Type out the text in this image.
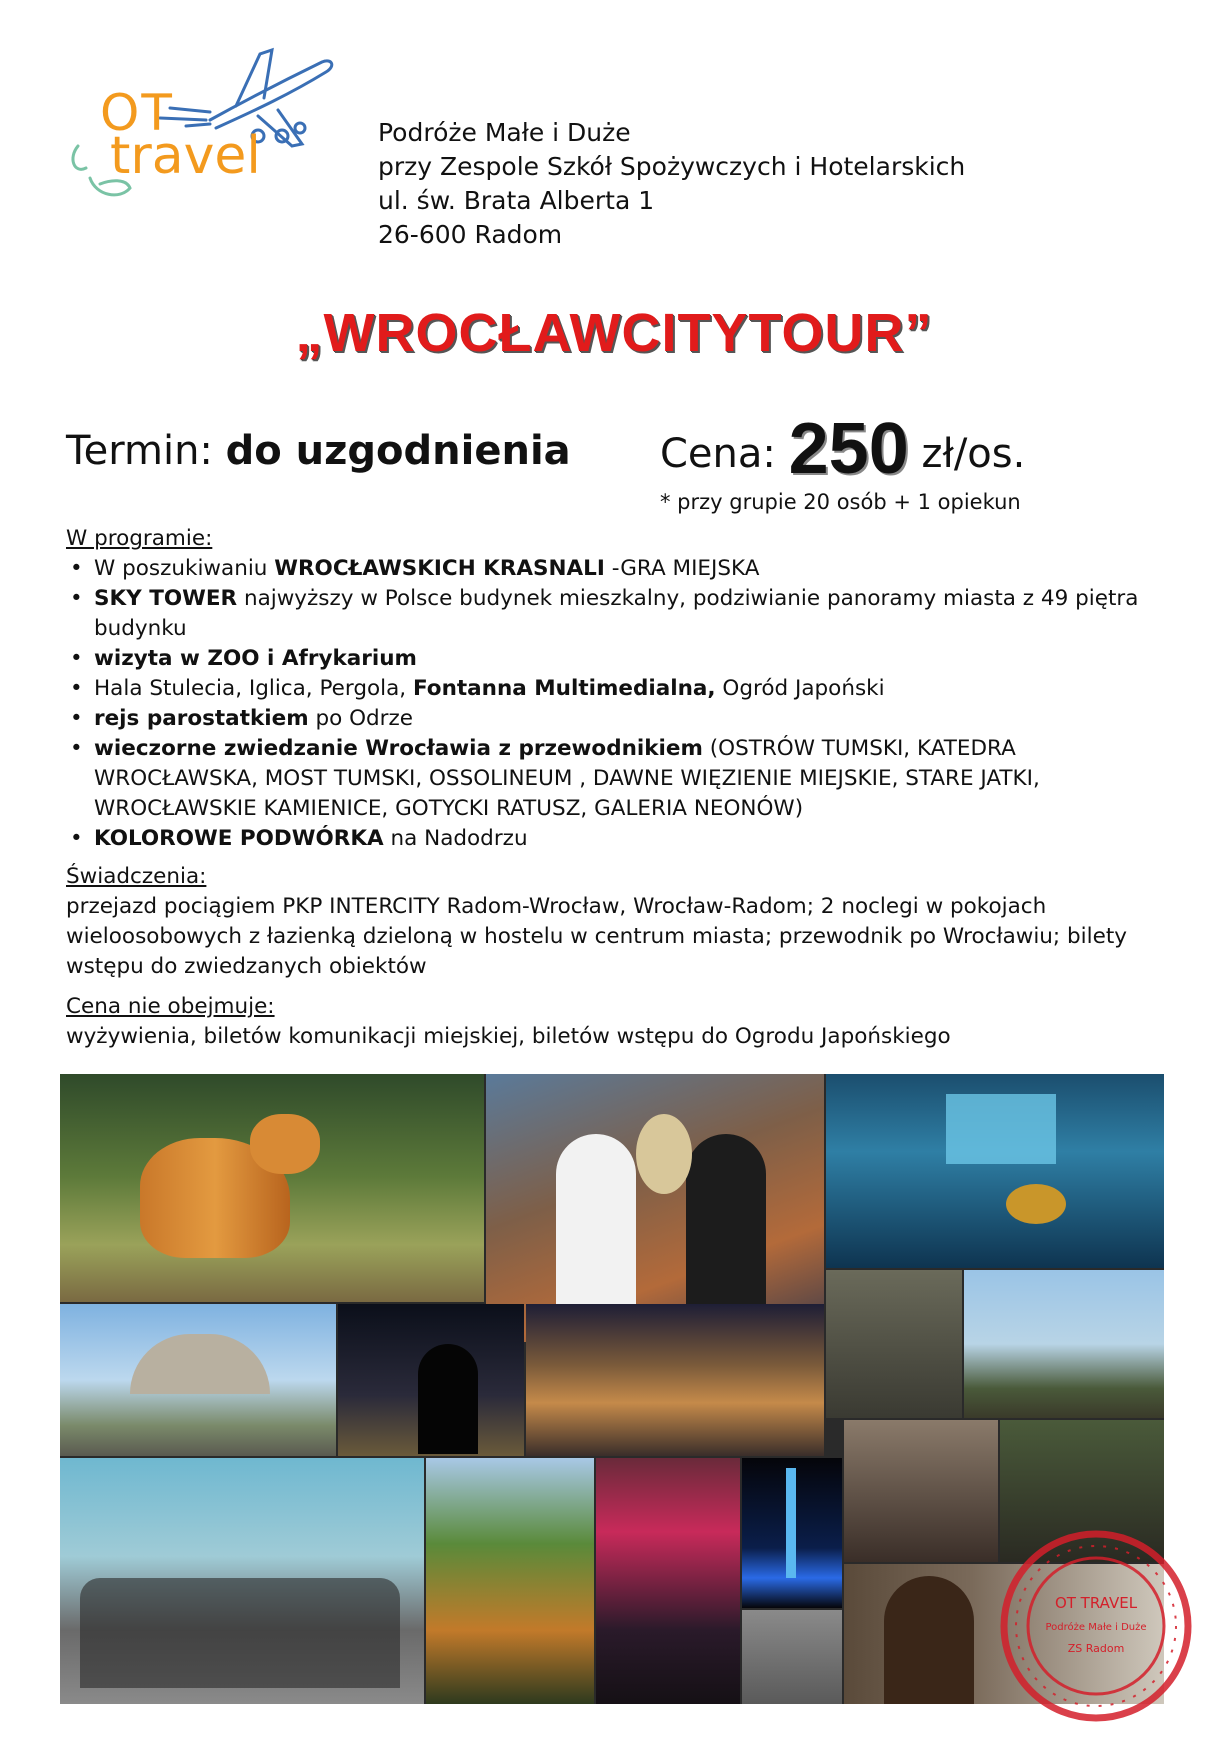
OT
travel	Podróże Małe i Duże
przy Zespole Szkół Spożywczych i Hotelarskich
ul. św. Brata Alberta 1
26-600 Radom
„WROCŁAWCITYTOUR”
Termin: do uzgodnienia Cena: 250 zł/os.
* przy grupie 20 osób + 1 opiekun
W programie:
• W poszukiwaniu WROCŁAWSKICH KRASNALI -GRA MIEJSKA
• SKY TOWER najwyższy w Polsce budynek mieszkalny, podziwianie panoramy miasta z 49 piętra budynku
• wizyta w ZOO i Afrykarium
• Hala Stulecia, Iglica, Pergola, Fontanna Multimedialna, Ogród Japoński
• rejs parostatkiem po Odrze
• wieczorne zwiedzanie Wrocławia z przewodnikiem (OSTRÓW TUMSKI, KATEDRA WROCŁAWSKA, MOST TUMSKI, OSSOLINEUM , DAWNE WIĘZIENIE MIEJSKIE, STARE JATKI, WROCŁAWSKIE KAMIENICE, GOTYCKI RATUSZ, GALERIA NEONÓW)
• KOLOROWE PODWÓRKA na Nadodrzu
Świadczenia:
przejazd pociągiem PKP INTERCITY Radom-Wrocław, Wrocław-Radom; 2 noclegi w pokojach wieloosobowych z łazienką dzieloną w hostelu w centrum miasta; przewodnik po Wrocławiu; bilety wstępu do zwiedzanych obiektów
Cena nie obejmuje:
wyżywienia, biletów komunikacji miejskiej, biletów wstępu do Ogrodu Japońskiego
OT TRAVEL
Podróże Małe i Duże
ZS Radom
